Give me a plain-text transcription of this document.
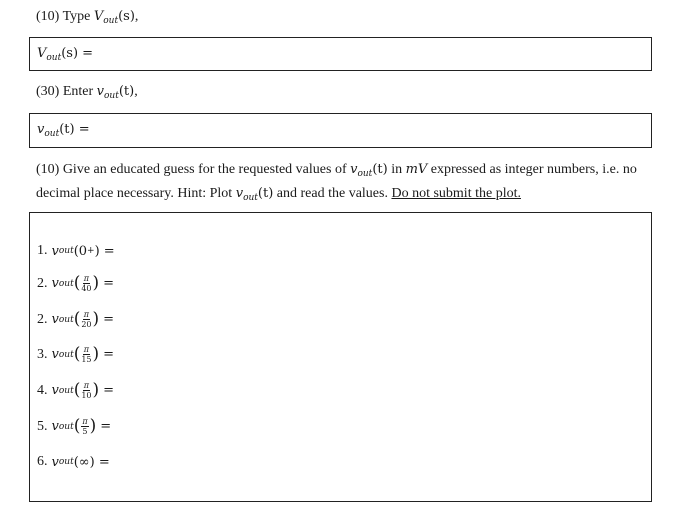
(10) Type $V_{out}(s)$,
$V_{out}(s)$ =
(30) Enter $v_{out}(t)$,
$v_{out}(t)$ =
(10) Give an educated guess for the requested values of $v_{out}(t)$ in mV expressed as integer numbers, i.e. no decimal place necessary. Hint: Plot $v_{out}(t)$ and read the values. Do not submit the plot.
1. v out (0 + ) =
2. v out ( $\frac{\pi}{40}$ ) =
2. v out ( $\frac{\pi}{20}$ ) =
3. v out ( $\frac{\pi}{15}$ ) =
4. v out ( $\frac{\pi}{10}$ ) =
5. v out ( $\frac{\pi}{5}$ ) =
6. v out (∞ ) =
